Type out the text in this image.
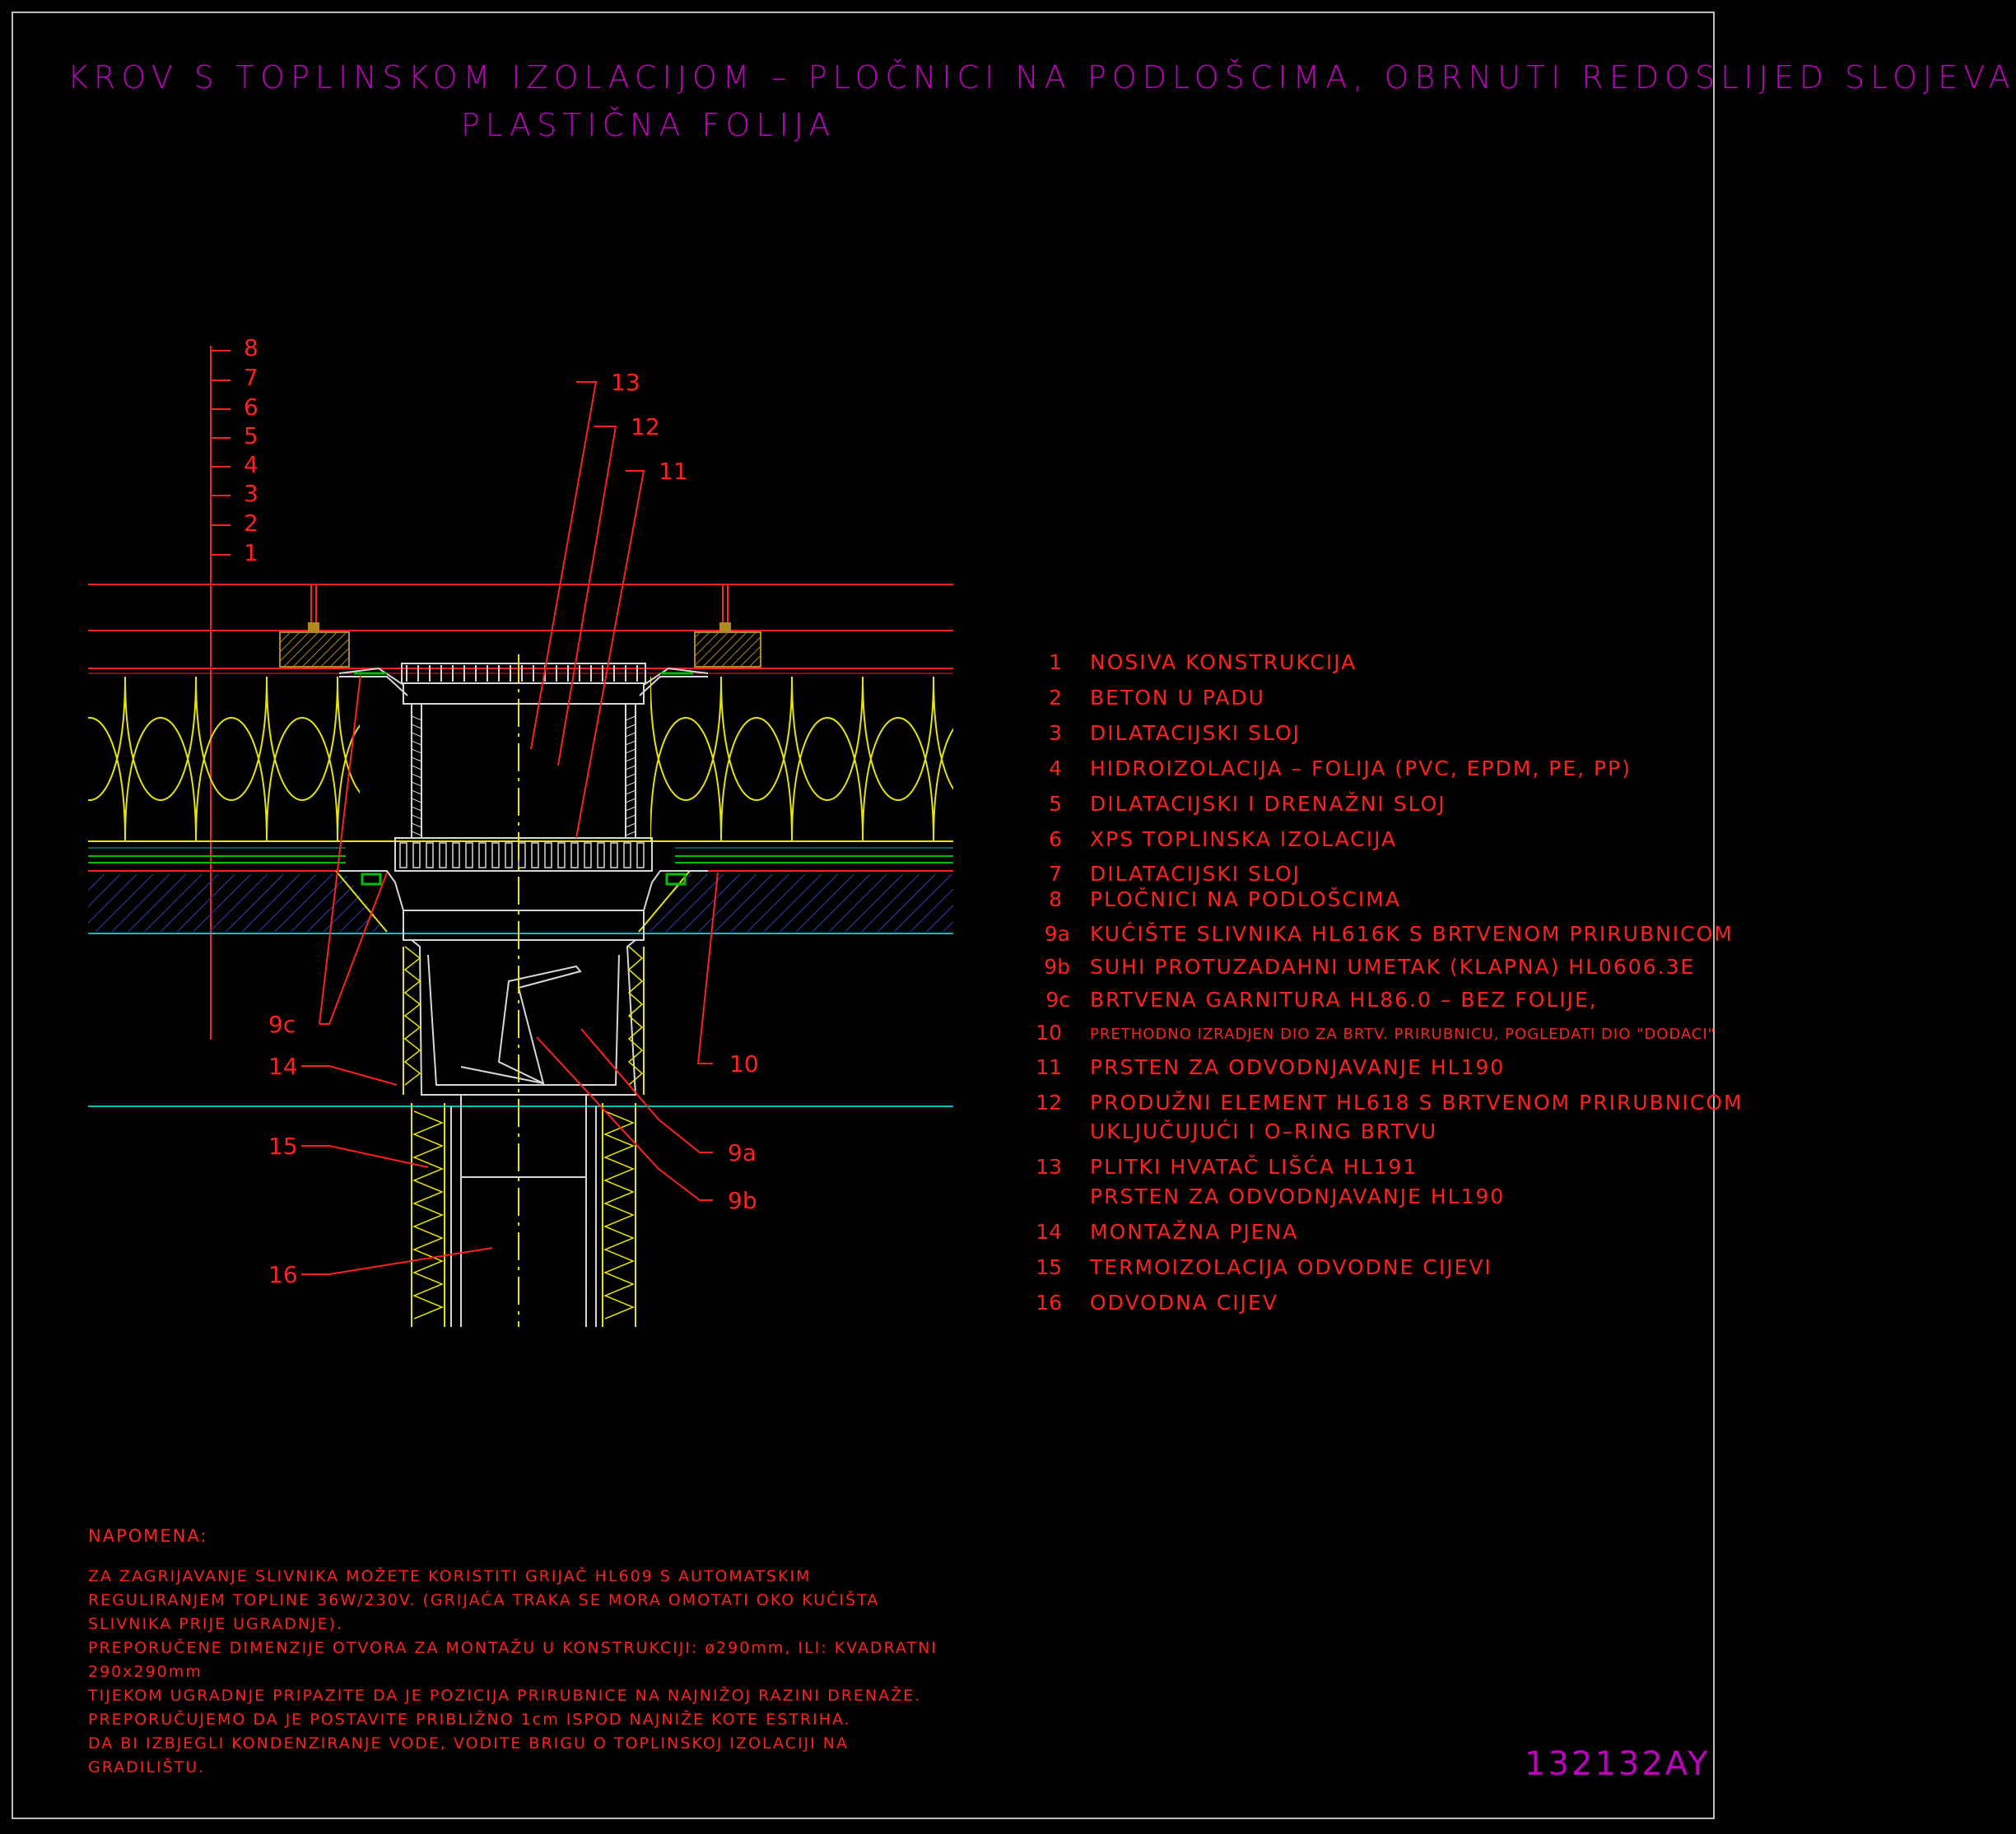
KROV S TOPLINSKOM IZOLACIJOM – PLOČNICI NA PODLOŠCIMA, OBRNUTI REDOSLIJED SLOJEVA
PLASTIČNA FOLIJA
8
7
6
5
4
3
2
1
13
12
11
9c
14
15
16
10
9a
9b
1 NOSIVA KONSTRUKCIJA
2 BETON U PADU
3 DILATACIJSKI SLOJ
4 HIDROIZOLACIJA – FOLIJA (PVC, EPDM, PE, PP)
5 DILATACIJSKI I DRENAŽNI SLOJ
6 XPS TOPLINSKA IZOLACIJA
7 DILATACIJSKI SLOJ
8 PLOČNICI NA PODLOŠCIMA
9a KUĆIŠTE SLIVNIKA HL616K S BRTVENOM PRIRUBNICOM
9b SUHI PROTUZADAHNI UMETAK (KLAPNA) HL0606.3E
9c BRTVENA GARNITURA HL86.0 – BEZ FOLIJE,
10 PRETHODNO IZRADJEN DIO ZA BRTV. PRIRUBNICU, POGLEDATI DIO "DODACI"
11 PRSTEN ZA ODVODNJAVANJE HL190
12 PRODUŽNI ELEMENT HL618 S BRTVENOM PRIRUBNICOM
UKLJUČUJUĆI I O–RING BRTVU
13 PLITKI HVATAČ LIŠĆA HL191
PRSTEN ZA ODVODNJAVANJE HL190
14 MONTAŽNA PJENA
15 TERMOIZOLACIJA ODVODNE CIJEVI
16 ODVODNA CIJEV
NAPOMENA:
ZA ZAGRIJAVANJE SLIVNIKA MOŽETE KORISTITI GRIJAČ HL609 S AUTOMATSKIM
REGULIRANJEM TOPLINE 36W/230V. (GRIJAĆA TRAKA SE MORA OMOTATI OKO KUĆIŠTA
SLIVNIKA PRIJE UGRADNJE).
PREPORUČENE DIMENZIJE OTVORA ZA MONTAŽU U KONSTRUKCIJI: ø290mm, ILI: KVADRATNI
290x290mm
TIJEKOM UGRADNJE PRIPAZITE DA JE POZICIJA PRIRUBNICE NA NAJNIŽOJ RAZINI DRENAŽE.
PREPORUČUJEMO DA JE POSTAVITE PRIBLIŽNO 1cm ISPOD NAJNIŽE KOTE ESTRIHA.
DA BI IZBJEGLI KONDENZIRANJE VODE, VODITE BRIGU O TOPLINSKOJ IZOLACIJI NA
GRADILIŠTU.	132132AY
